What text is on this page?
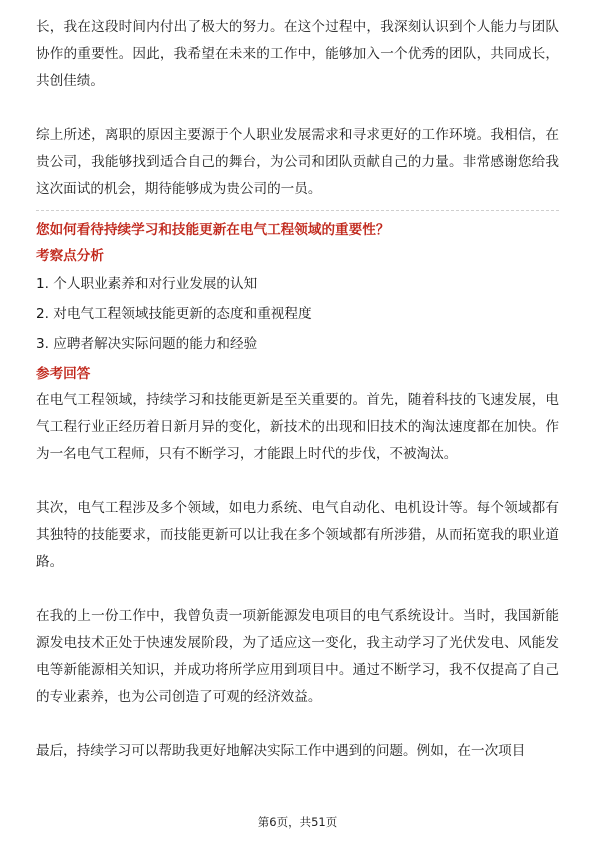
长，我在这段时间内付出了极大的努力。在这个过程中，我深刻认识到个人能力与团队协作的重要性。因此，我希望在未来的工作中，能够加入一个优秀的团队，共同成长，共创佳绩。

综上所述，离职的原因主要源于个人职业发展需求和寻求更好的工作环境。我相信，在贵公司，我能够找到适合自己的舞台，为公司和团队贡献自己的力量。非常感谢您给我这次面试的机会，期待能够成为贵公司的一员。

您如何看待持续学习和技能更新在电气工程领域的重要性？

考察点分析

1. 个人职业素养和对行业发展的认知
2. 对电气工程领域技能更新的态度和重视程度
3. 应聘者解决实际问题的能力和经验

参考回答

在电气工程领域，持续学习和技能更新是至关重要的。首先，随着科技的飞速发展，电气工程行业正经历着日新月异的变化，新技术的出现和旧技术的淘汰速度都在加快。作为一名电气工程师，只有不断学习，才能跟上时代的步伐，不被淘汰。

其次，电气工程涉及多个领域，如电力系统、电气自动化、电机设计等。每个领域都有其独特的技能要求，而技能更新可以让我在多个领域都有所涉猎，从而拓宽我的职业道路。

在我的上一份工作中，我曾负责一项新能源发电项目的电气系统设计。当时，我国新能源发电技术正处于快速发展阶段，为了适应这一变化，我主动学习了光伏发电、风能发电等新能源相关知识，并成功将所学应用到项目中。通过不断学习，我不仅提高了自己的专业素养，也为公司创造了可观的经济效益。

最后，持续学习可以帮助我更好地解决实际工作中遇到的问题。例如，在一次项目

第6页，共51页
